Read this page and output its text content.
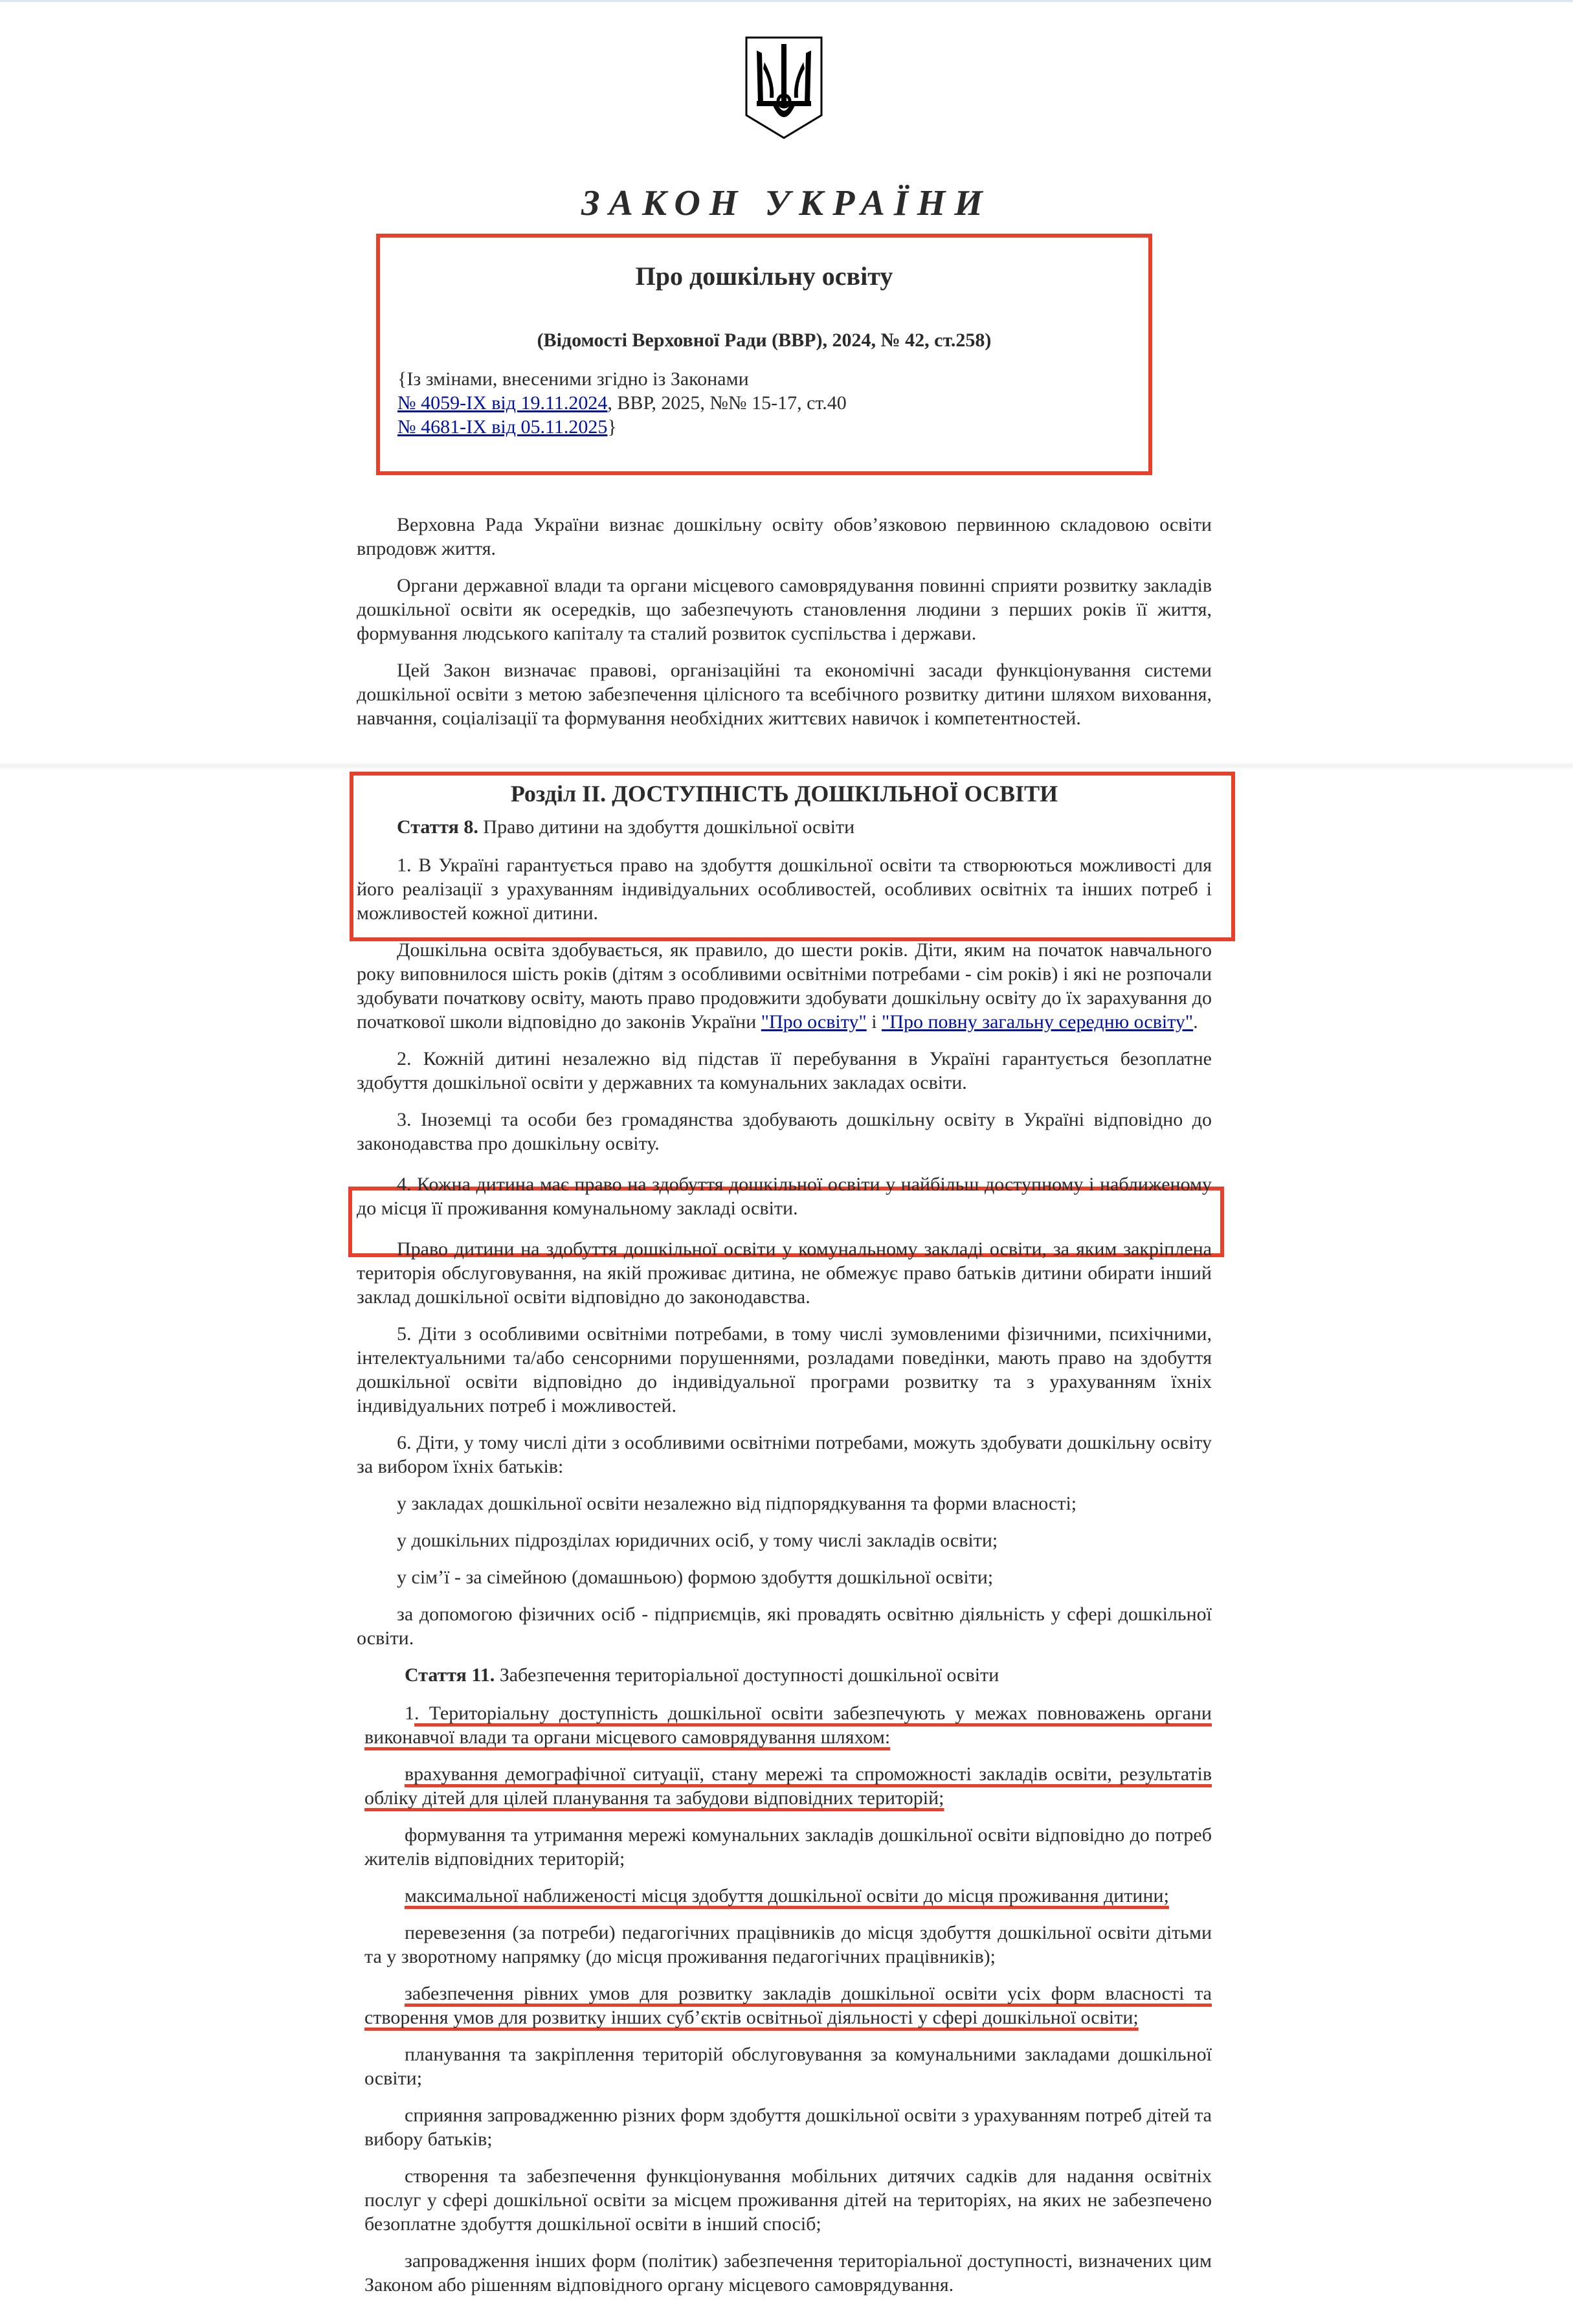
ЗАКОН УКРАЇНИ
Про дошкільну освіту
(Відомості Верховної Ради (ВВР), 2024, № 42, ст.258)
{Із змінами, внесеними згідно із Законами
№ 4059-IX від 19.11.2024, ВВР, 2025, №№ 15-17, ст.40
№ 4681-IX від 05.11.2025}

Верховна Рада України визнає дошкільну освіту обов’язковою первинною складовою освіти впродовж життя.

Органи державної влади та органи місцевого самоврядування повинні сприяти розвитку закладів дошкільної освіти як осередків, що забезпечують становлення людини з перших років її життя, формування людського капіталу та сталий розвиток суспільства і держави.

Цей Закон визначає правові, організаційні та економічні засади функціонування системи дошкільної освіти з метою забезпечення цілісного та всебічного розвитку дитини шляхом виховання, навчання, соціалізації та формування необхідних життєвих навичок і компетентностей.

Розділ II. ДОСТУПНІСТЬ ДОШКІЛЬНОЇ ОСВІТИ

Стаття 8. Право дитини на здобуття дошкільної освіти

1. В Україні гарантується право на здобуття дошкільної освіти та створюються можливості для його реалізації з урахуванням індивідуальних особливостей, особливих освітніх та інших потреб і можливостей кожної дитини.

Дошкільна освіта здобувається, як правило, до шести років. Діти, яким на початок навчального року виповнилося шість років (дітям з особливими освітніми потребами - сім років) і які не розпочали здобувати початкову освіту, мають право продовжити здобувати дошкільну освіту до їх зарахування до початкової школи відповідно до законів України "Про освіту" і "Про повну загальну середню освіту".

2. Кожній дитині незалежно від підстав її перебування в Україні гарантується безоплатне здобуття дошкільної освіти у державних та комунальних закладах освіти.

3. Іноземці та особи без громадянства здобувають дошкільну освіту в Україні відповідно до законодавства про дошкільну освіту.

4. Кожна дитина має право на здобуття дошкільної освіти у найбільш доступному і наближеному до місця її проживання комунальному закладі освіти.

Право дитини на здобуття дошкільної освіти у комунальному закладі освіти, за яким закріплена територія обслуговування, на якій проживає дитина, не обмежує право батьків дитини обирати інший заклад дошкільної освіти відповідно до законодавства.

5. Діти з особливими освітніми потребами, в тому числі зумовленими фізичними, психічними, інтелектуальними та/або сенсорними порушеннями, розладами поведінки, мають право на здобуття дошкільної освіти відповідно до індивідуальної програми розвитку та з урахуванням їхніх індивідуальних потреб і можливостей.

6. Діти, у тому числі діти з особливими освітніми потребами, можуть здобувати дошкільну освіту за вибором їхніх батьків:

у закладах дошкільної освіти незалежно від підпорядкування та форми власності;

у дошкільних підрозділах юридичних осіб, у тому числі закладів освіти;

у сім’ї - за сімейною (домашньою) формою здобуття дошкільної освіти;

за допомогою фізичних осіб - підприємців, які провадять освітню діяльність у сфері дошкільної освіти.

Стаття 11. Забезпечення територіальної доступності дошкільної освіти

1. Територіальну доступність дошкільної освіти забезпечують у межах повноважень органи виконавчої влади та органи місцевого самоврядування шляхом:

врахування демографічної ситуації, стану мережі та спроможності закладів освіти, результатів обліку дітей для цілей планування та забудови відповідних територій;

формування та утримання мережі комунальних закладів дошкільної освіти відповідно до потреб жителів відповідних територій;

максимальної наближеності місця здобуття дошкільної освіти до місця проживання дитини;

перевезення (за потреби) педагогічних працівників до місця здобуття дошкільної освіти дітьми та у зворотному напрямку (до місця проживання педагогічних працівників);

забезпечення рівних умов для розвитку закладів дошкільної освіти усіх форм власності та створення умов для розвитку інших суб’єктів освітньої діяльності у сфері дошкільної освіти;

планування та закріплення територій обслуговування за комунальними закладами дошкільної освіти;

сприяння запровадженню різних форм здобуття дошкільної освіти з урахуванням потреб дітей та вибору батьків;

створення та забезпечення функціонування мобільних дитячих садків для надання освітніх послуг у сфері дошкільної освіти за місцем проживання дітей на територіях, на яких не забезпечено безоплатне здобуття дошкільної освіти в інший спосіб;

запровадження інших форм (політик) забезпечення територіальної доступності, визначених цим Законом або рішенням відповідного органу місцевого самоврядування.
